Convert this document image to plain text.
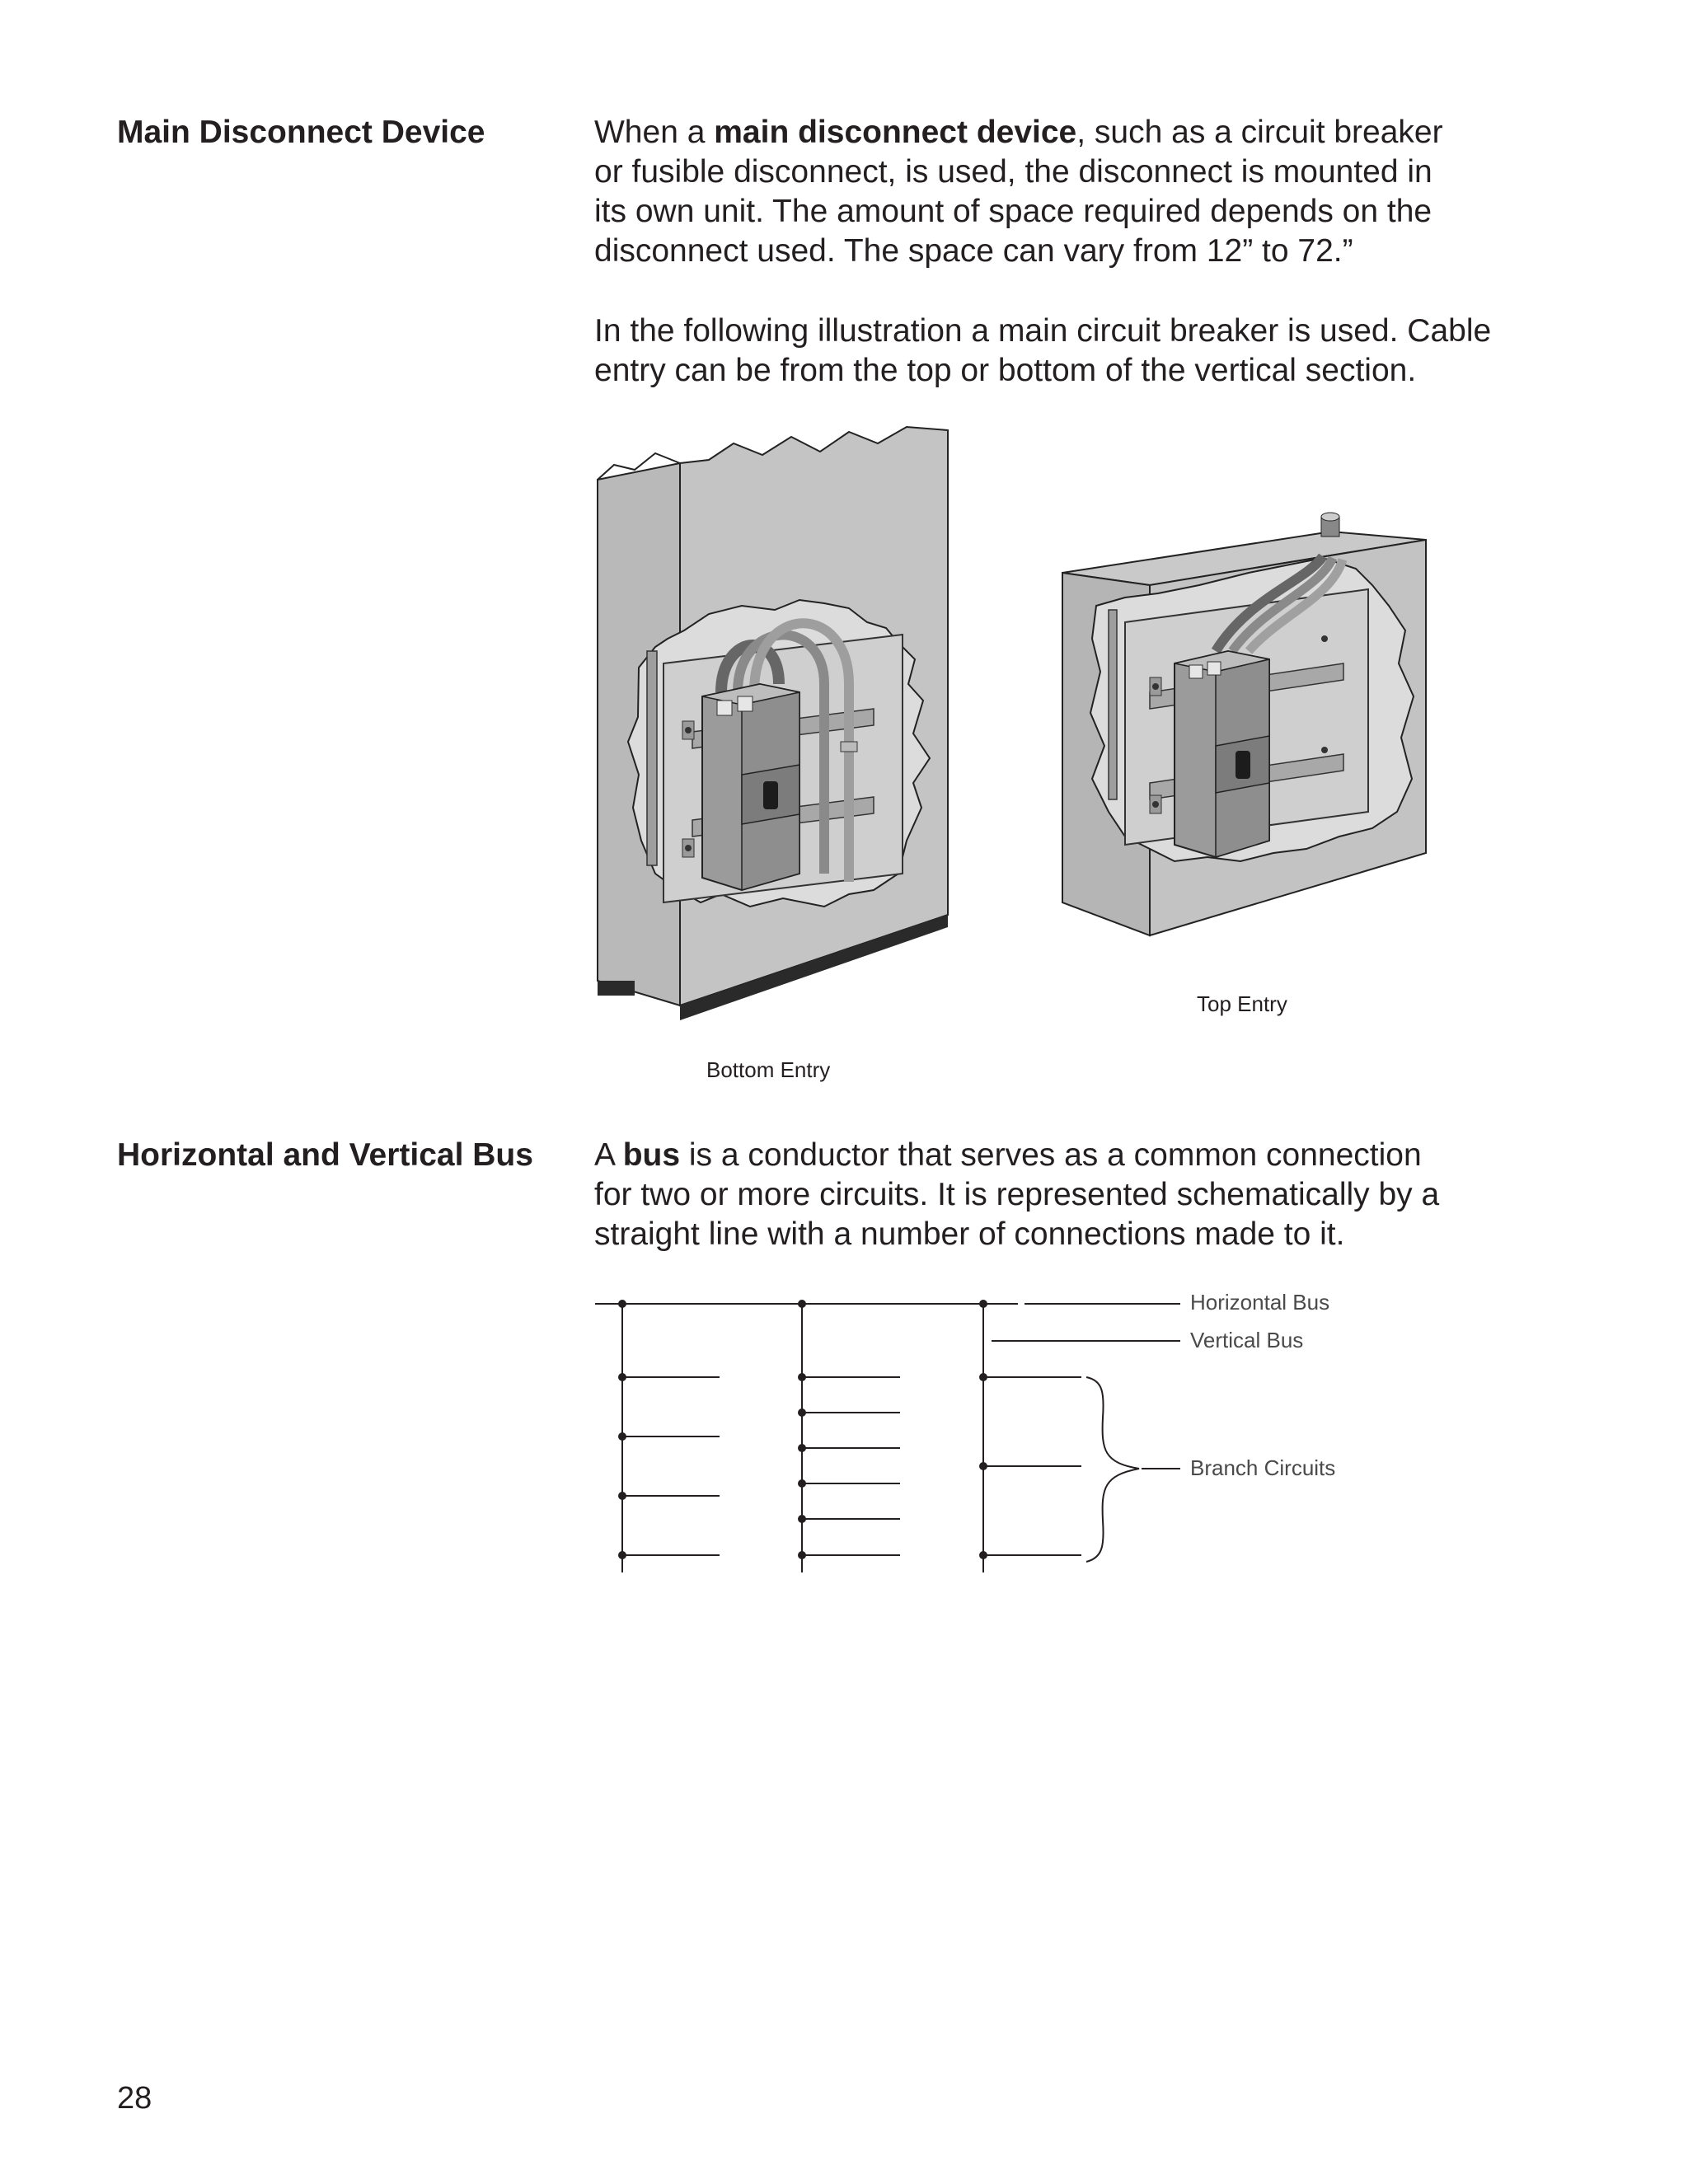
Main Disconnect Device	When a main disconnect device, such as a circuit breaker
or fusible disconnect, is used, the disconnect is mounted in
its own unit. The amount of space required depends on the
disconnect used. The space can vary from 12” to 72.”
In the following illustration a main circuit breaker is used. Cable
entry can be from the top or bottom of the vertical section.
Top Entry
Bottom Entry
Horizontal and Vertical Bus A bus is a conductor that serves as a common connection
for two or more circuits. It is represented schematically by a
straight line with a number of connections made to it.
Horizontal Bus
Vertical Bus
Branch Circuits
28
